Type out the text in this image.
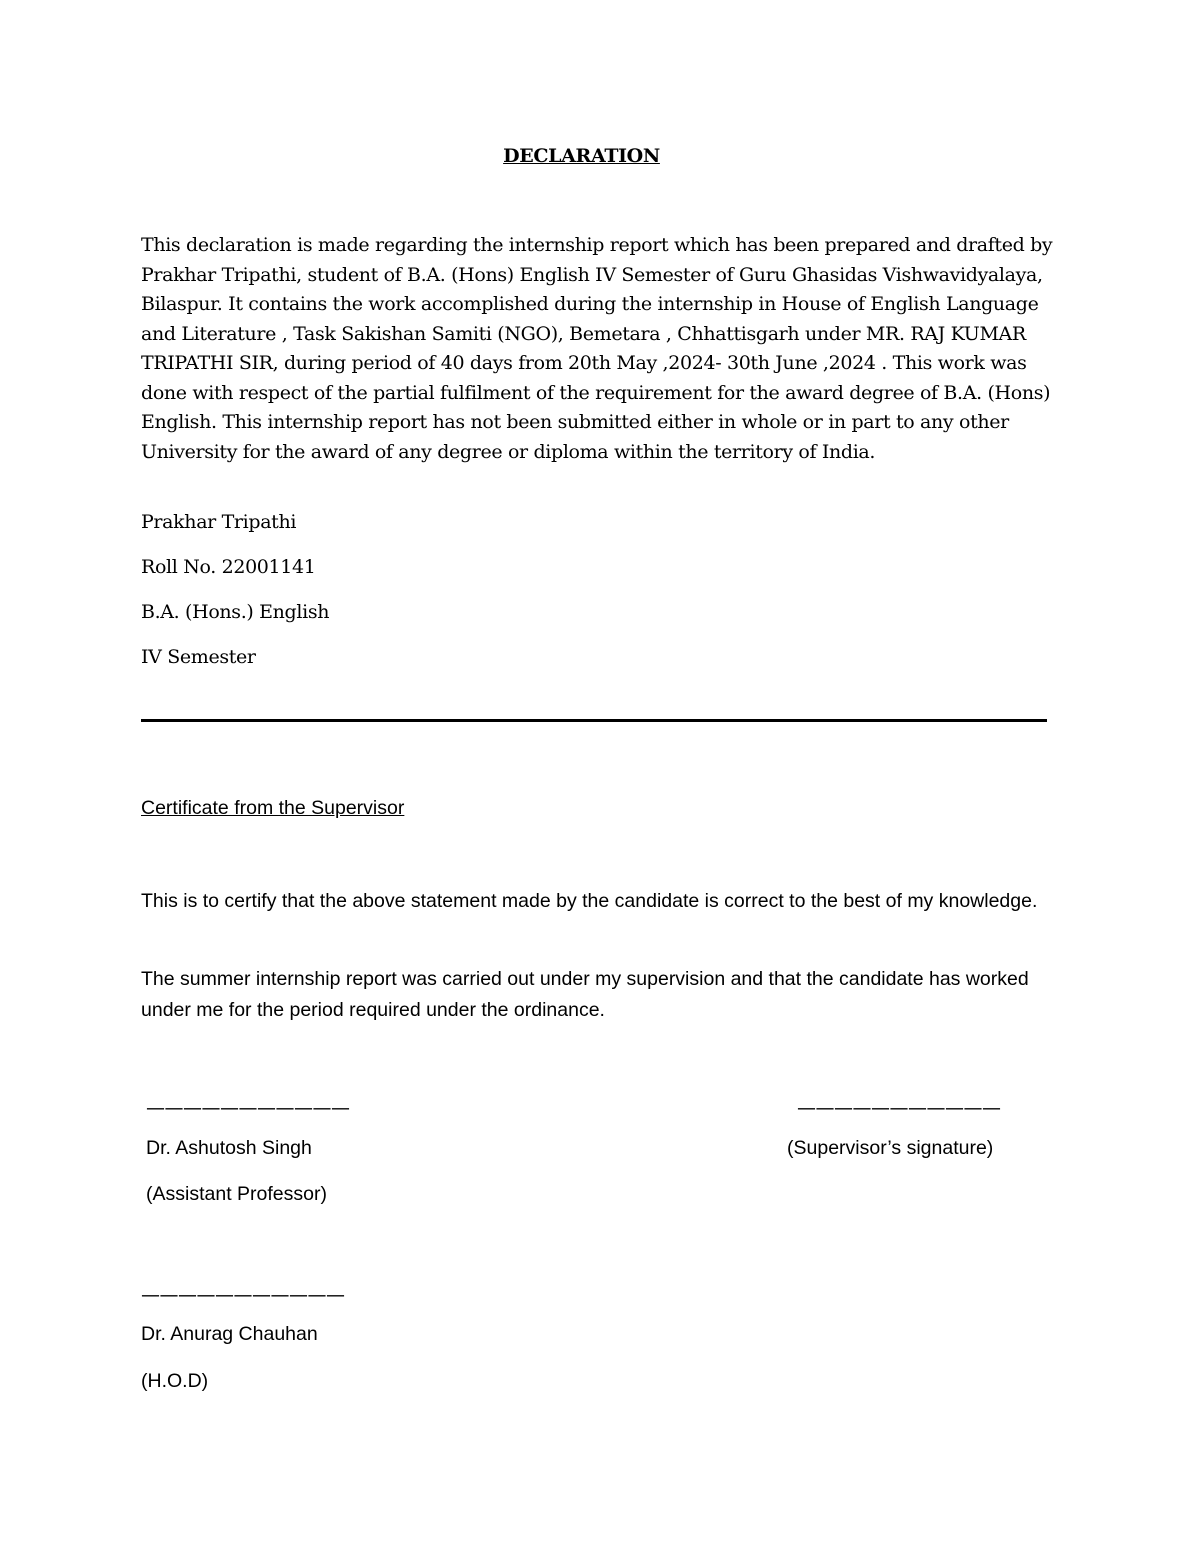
DECLARATION

This declaration is made regarding the internship report which has been prepared and drafted by Prakhar Tripathi, student of B.A. (Hons) English IV Semester of Guru Ghasidas Vishwavidyalaya, Bilaspur. It contains the work accomplished during the internship in House of English Language and Literature , Task Sakishan Samiti (NGO), Bemetara , Chhattisgarh under MR. RAJ KUMAR TRIPATHI SIR, during period of 40 days from 20th May ,2024- 30th June ,2024 . This work was done with respect of the partial fulfilment of the requirement for the award degree of B.A. (Hons) English. This internship report has not been submitted either in whole or in part to any other University for the award of any degree or diploma within the territory of India.

Prakhar Tripathi

Roll No. 22001141

B.A. (Hons.) English

IV Semester

Certificate from the Supervisor

This is to certify that the above statement made by the candidate is correct to the best of my knowledge.

The summer internship report was carried out under my supervision and that the candidate has worked under me for the period required under the ordinance.

———————————	———————————
Dr. Ashutosh Singh	(Supervisor’s signature)
(Assistant Professor)
———————————
Dr. Anurag Chauhan
(H.O.D)
